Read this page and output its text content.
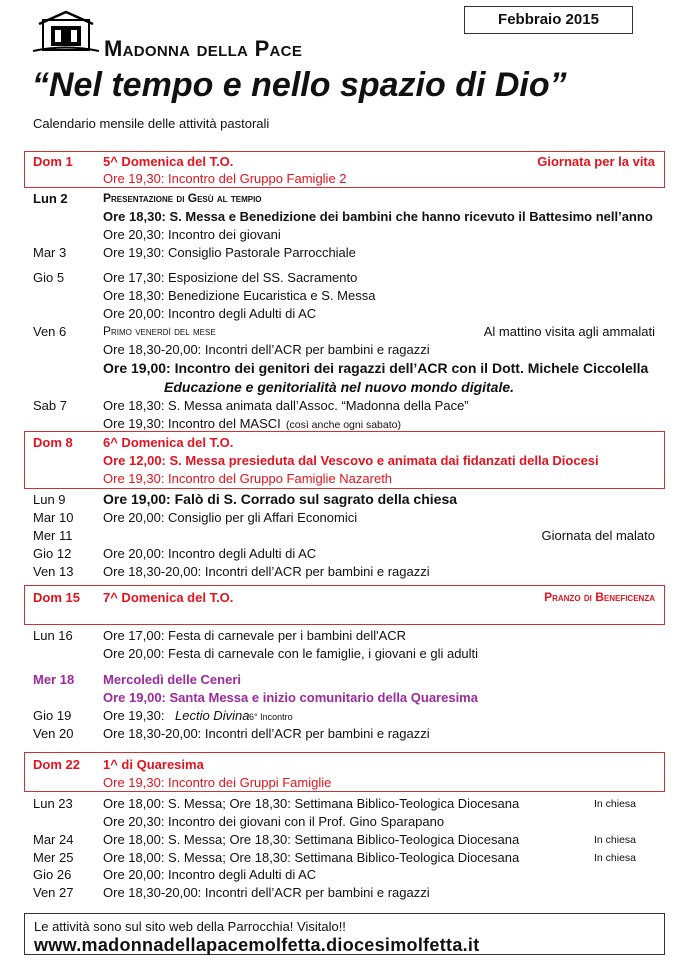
Febbraio 2015
Madonna della Pace
“Nel tempo e nello spazio di Dio”
Calendario mensile delle attività pastorali
Dom 1 5^ Domenica del T.O.	Giornata per la vita
Ore 19,30: Incontro del Gruppo Famiglie 2
Lun 2	Presentazione di Gesù al tempio
Ore 18,30: S. Messa e Benedizione dei bambini che hanno ricevuto il Battesimo nell’anno
Ore 20,30: Incontro dei giovani
Mar 3	Ore 19,30: Consiglio Pastorale Parrocchiale
Gio 5	Ore 17,30: Esposizione del SS. Sacramento
Ore 18,30: Benedizione Eucaristica e S. Messa
Ore 20,00: Incontro degli Adulti di AC
Ven 6	Primo venerdì del mese	Al mattino visita agli ammalati
Ore 18,30-20,00: Incontri dell’ACR per bambini e ragazzi
Ore 19,00: Incontro dei genitori dei ragazzi dell’ACR con il Dott. Michele Ciccolella
Educazione e genitorialità nel nuovo mondo digitale.
Sab 7	Ore 18,30: S. Messa animata dall’Assoc. “Madonna della Pace”
Ore 19,30: Incontro del MASCI (così anche ogni sabato)
Dom 8 6^ Domenica del T.O.
Ore 12,00: S. Messa presieduta dal Vescovo e animata dai fidanzati della Diocesi
Ore 19,30: Incontro del Gruppo Famiglie Nazareth
Lun 9	Ore 19,00: Falò di S. Corrado sul sagrato della chiesa
Mar 10 Ore 20,00: Consiglio per gli Affari Economici
Mer 11	Giornata del malato
Gio 12 Ore 20,00: Incontro degli Adulti di AC
Ven 13 Ore 18,30-20,00: Incontri dell’ACR per bambini e ragazzi
Dom 15 7^ Domenica del T.O.	Pranzo di Beneficenza
Lun 16 Ore 17,00: Festa di carnevale per i bambini dell'ACR
Ore 20,00: Festa di carnevale con le famiglie, i giovani e gli adulti
Mer 18 Mercoledì delle Ceneri
Ore 19,00: Santa Messa e inizio comunitario della Quaresima
Gio 19 Ore 19,30: Lectio Divina 6° Incontro
Ven 20 Ore 18,30-20,00: Incontri dell’ACR per bambini e ragazzi
Dom 22 1^ di Quaresima
Ore 19,30: Incontro dei Gruppi Famiglie
Lun 23 Ore 18,00: S. Messa; Ore 18,30: Settimana Biblico-Teologica Diocesana	In chiesa
Ore 20,30: Incontro dei giovani con il Prof. Gino Sparapano
Mar 24 Ore 18,00: S. Messa; Ore 18,30: Settimana Biblico-Teologica Diocesana	In chiesa
Mer 25 Ore 18,00: S. Messa; Ore 18,30: Settimana Biblico-Teologica Diocesana	In chiesa
Gio 26 Ore 20,00: Incontro degli Adulti di AC
Ven 27 Ore 18,30-20,00: Incontri dell’ACR per bambini e ragazzi
Le attività sono sul sito web della Parrocchia! Visitalo!!
www.madonnadellapacemolfetta.diocesimolfetta.it
